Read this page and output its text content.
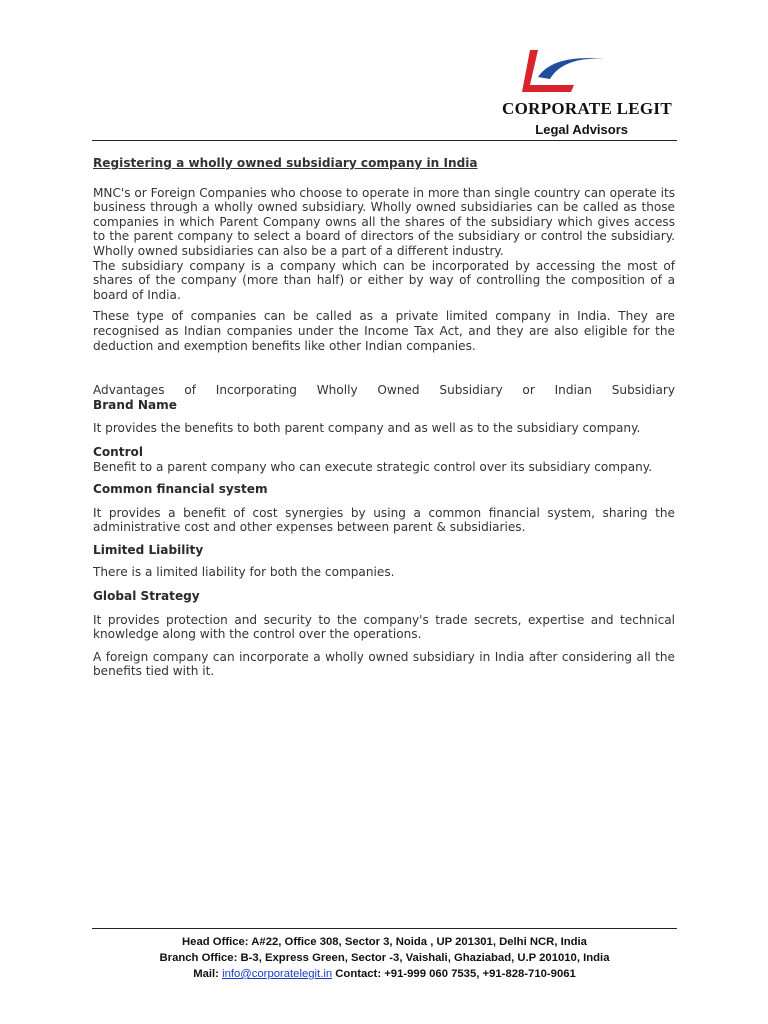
CORPORATE LEGIT
Legal Advisors

Registering a wholly owned subsidiary company in India

MNC's or Foreign Companies who choose to operate in more than single country can operate its business through a wholly owned subsidiary. Wholly owned subsidiaries can be called as those companies in which Parent Company owns all the shares of the subsidiary which gives access to the parent company to select a board of directors of the subsidiary or control the subsidiary. Wholly owned subsidiaries can also be a part of a different industry.

The subsidiary company is a company which can be incorporated by accessing the most of shares of the company (more than half) or either by way of controlling the composition of a board of India.

These type of companies can be called as a private limited company in India. They are recognised as Indian companies under the Income Tax Act, and they are also eligible for the deduction and exemption benefits like other Indian companies.

Advantages of Incorporating Wholly Owned Subsidiary or Indian Subsidiary

Brand Name

It provides the benefits to both parent company and as well as to the subsidiary company.

Control

Benefit to a parent company who can execute strategic control over its subsidiary company.

Common financial system

It provides a benefit of cost synergies by using a common financial system, sharing the administrative cost and other expenses between parent & subsidiaries.

Limited Liability

There is a limited liability for both the companies.

Global Strategy

It provides protection and security to the company's trade secrets, expertise and technical knowledge along with the control over the operations.

A foreign company can incorporate a wholly owned subsidiary in India after considering all the benefits tied with it.

Head Office: A#22, Office 308, Sector 3, Noida , UP 201301, Delhi NCR, India
Branch Office: B-3, Express Green, Sector -3, Vaishali, Ghaziabad, U.P 201010, India
Mail: info@corporatelegit.in Contact: +91-999 060 7535, +91-828-710-9061
